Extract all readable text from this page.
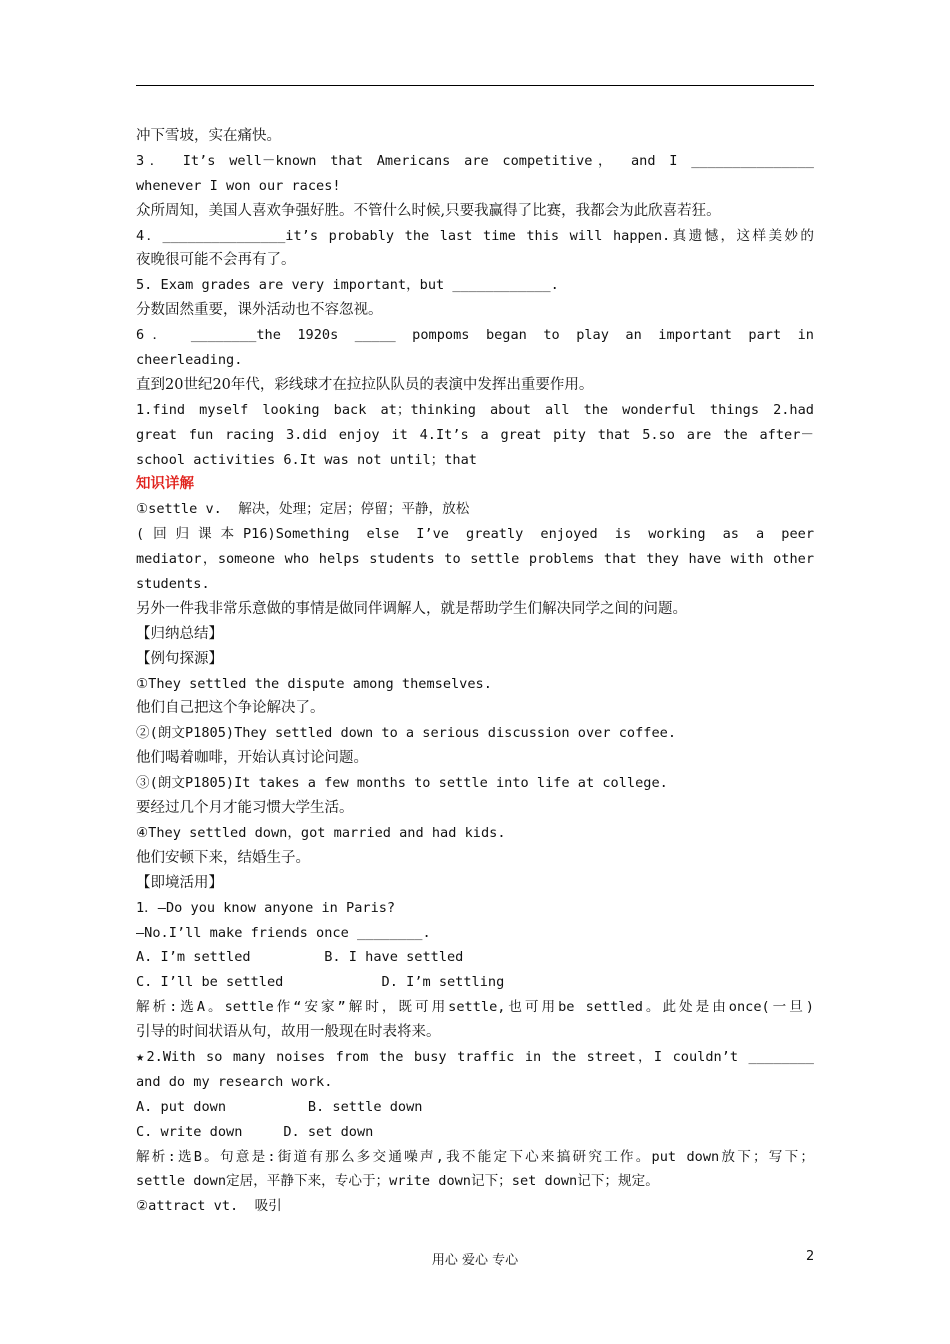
冲下雪坡，实在痛快。
3． It’s well－known that Americans are competitive， and I _______________
whenever I won our races!
众所周知，美国人喜欢争强好胜。不管什么时候,只要我赢得了比赛，我都会为此欣喜若狂。
4．_______________it’s probably the last time this will happen.真遗憾，这样美妙的
夜晚很可能不会再有了。
5. Exam grades are very important，but ____________.
分数固然重要，课外活动也不容忽视。
6． ________the 1920s _____ pompoms began to play an important part in
cheerleading.
直到20世纪20年代，彩线球才在拉拉队队员的表演中发挥出重要作用。
1.find myself looking back at；thinking about all the wonderful things 2.had
great fun racing 3.did enjoy it 4.It’s a great pity that 5.so are the after－
school activities 6.It was not until；that
知识详解
①settle v.  解决，处理；定居；停留；平静，放松
(回归课本P16)Something else I’ve greatly enjoyed is working as a peer
mediator，someone who helps students to settle problems that they have with other
students.
另外一件我非常乐意做的事情是做同伴调解人，就是帮助学生们解决同学之间的问题。
【归纳总结】
【例句探源】
①They settled the dispute among themselves.
他们自己把这个争论解决了。
②(朗文P1805)They settled down to a serious discussion over coffee.
他们喝着咖啡，开始认真讨论问题。
③(朗文P1805)It takes a few months to settle into life at college.
要经过几个月才能习惯大学生活。
④They settled down，got married and had kids.
他们安顿下来，结婚生子。
【即境活用】
1．—Do you know anyone in Paris?
—No.I’ll make friends once ________.
A. I’m settled         B. I have settled
C. I’ll be settled            D. I’m settling
解析:选A。settle作“安家”解时，既可用settle,也可用be settled。此处是由once(一旦)
引导的时间状语从句，故用一般现在时表将来。
★2.With so many noises from the busy traffic in the street，I couldn’t ________
and do my research work.
A. put down          B. settle down
C. write down     D. set down
解析:选B。句意是:街道有那么多交通噪声,我不能定下心来搞研究工作。put down放下；写下；
settle down定居，平静下来，专心于；write down记下；set down记下；规定。
②attract vt.  吸引
用心 爱心 专心	2
